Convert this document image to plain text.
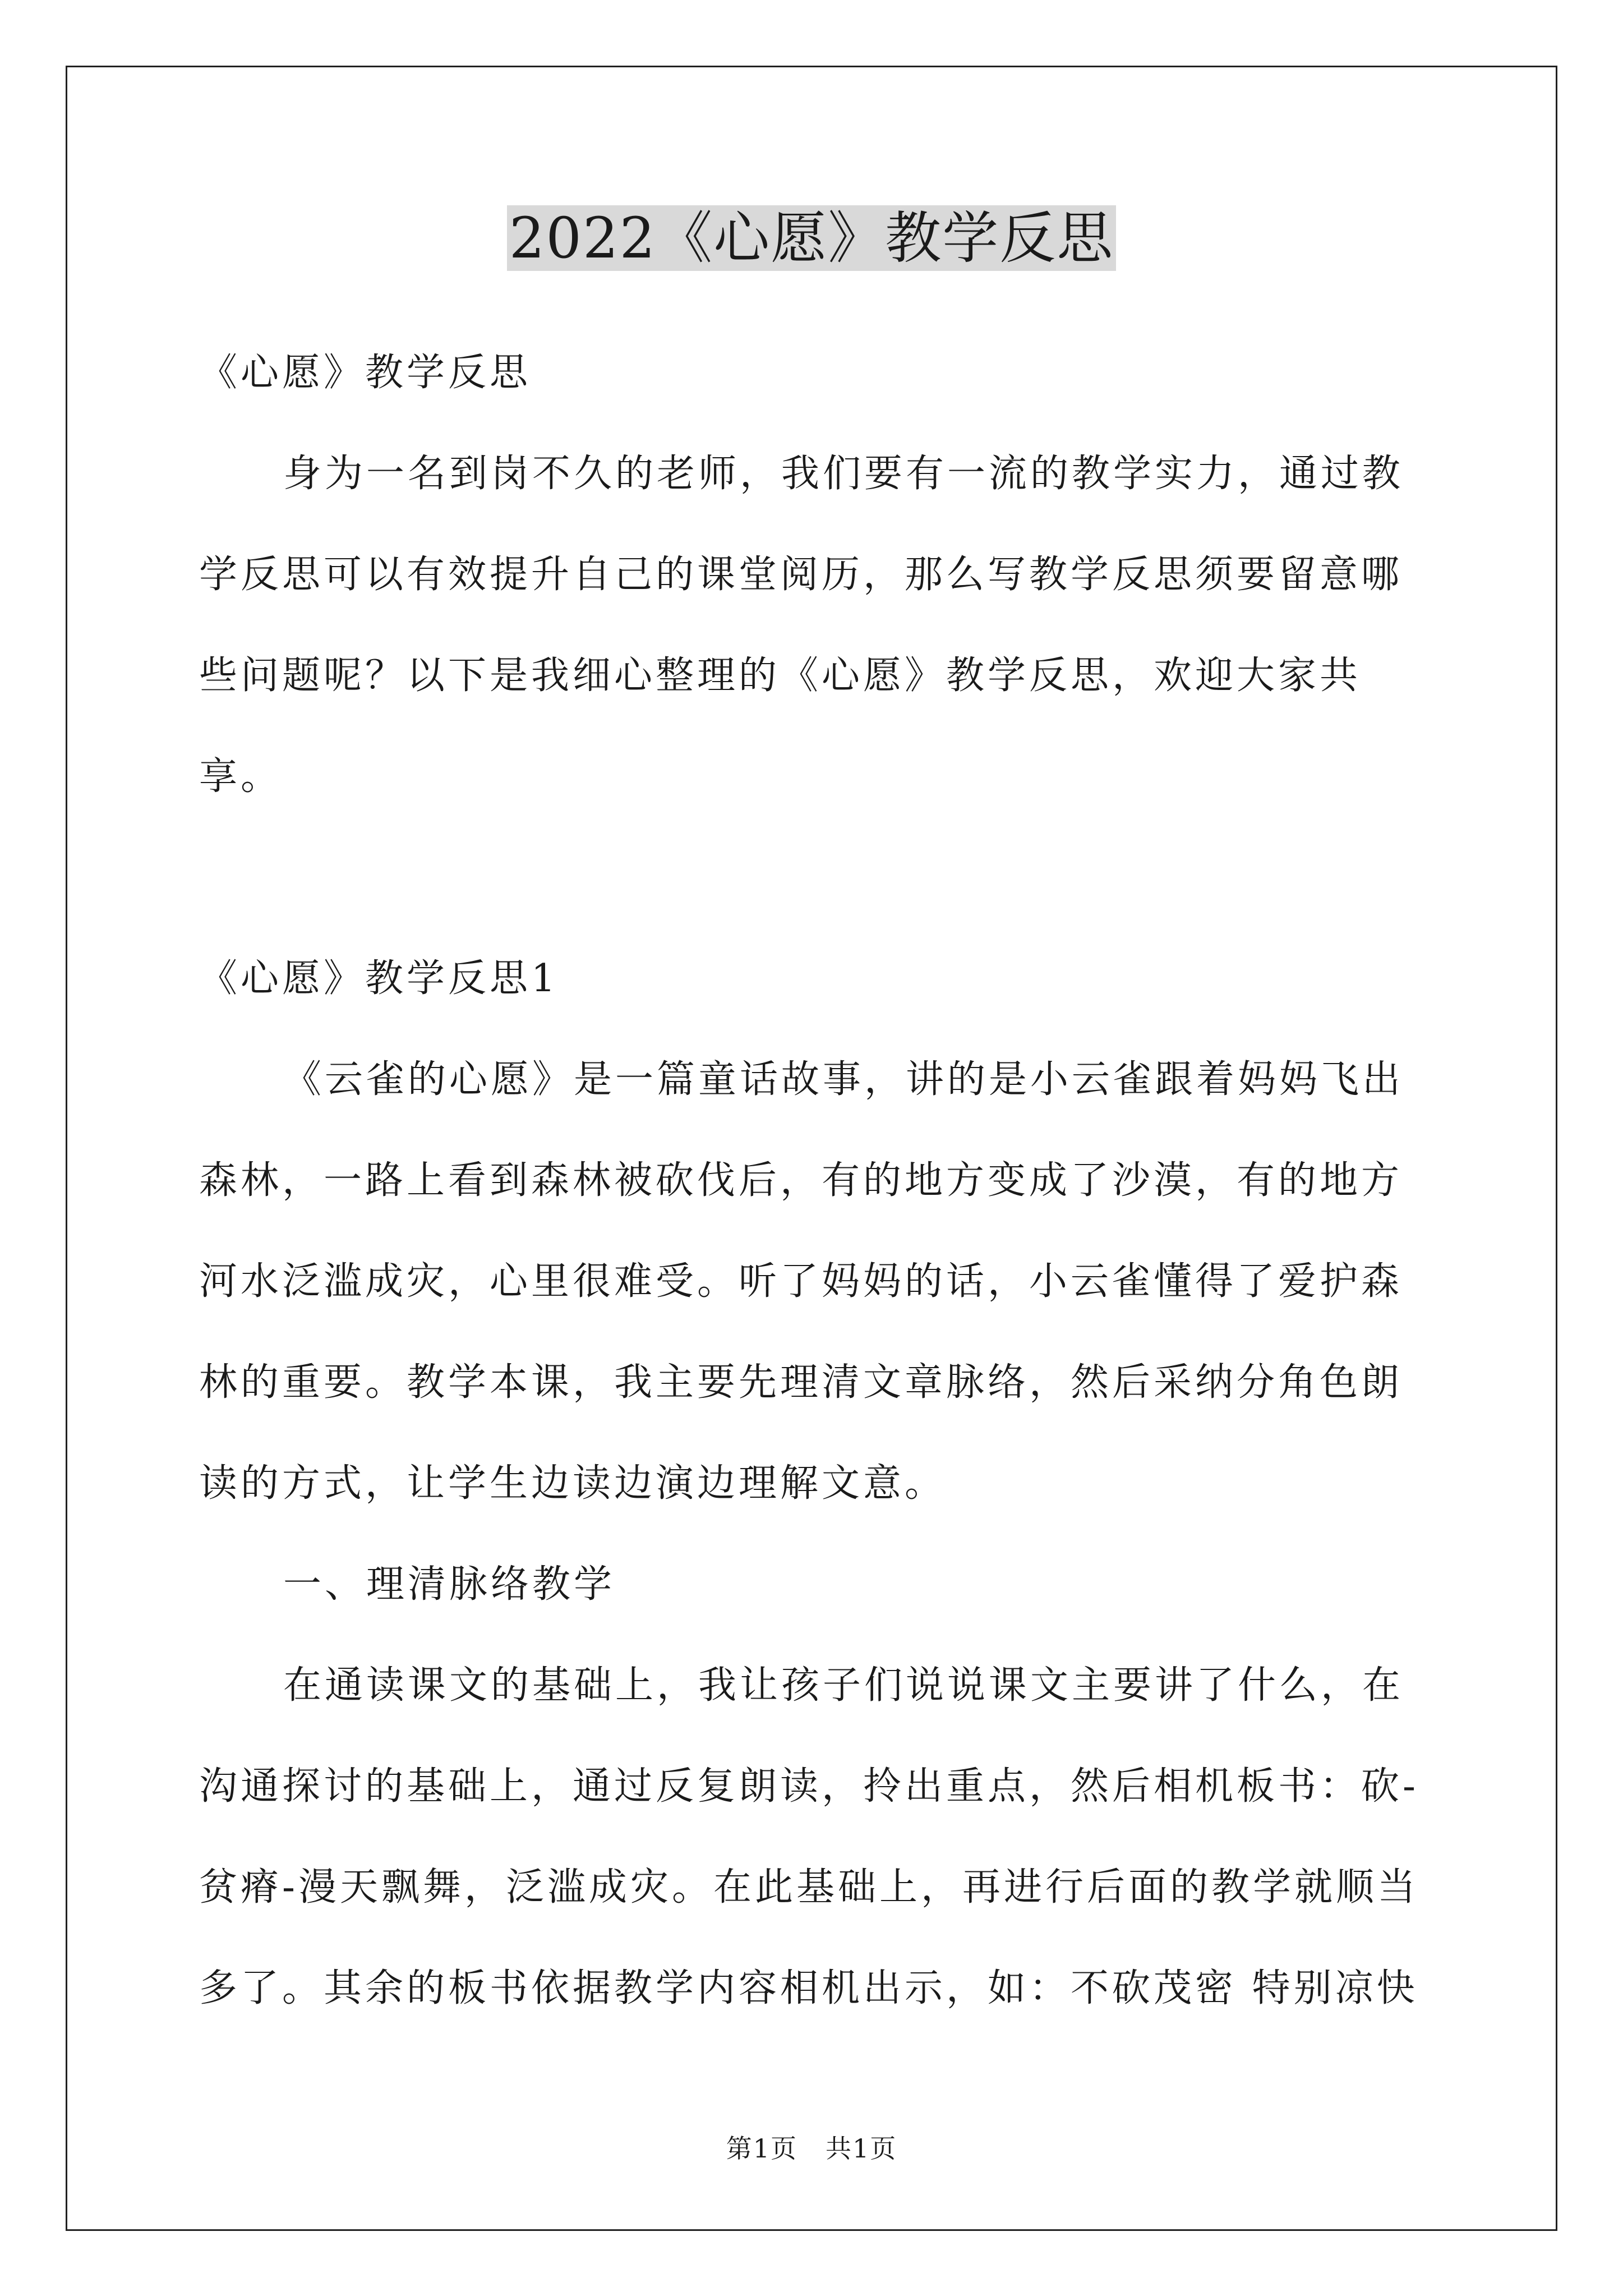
2022《心愿》教学反思

《心愿》教学反思

身为一名到岗不久的老师，我们要有一流的教学实力，通过教学反思可以有效提升自己的课堂阅历，那么写教学反思须要留意哪些问题呢？以下是我细心整理的《心愿》教学反思，欢迎大家共享。

《心愿》教学反思1

《云雀的心愿》是一篇童话故事，讲的是小云雀跟着妈妈飞出森林，一路上看到森林被砍伐后，有的地方变成了沙漠，有的地方河水泛滥成灾，心里很难受。听了妈妈的话，小云雀懂得了爱护森林的重要。教学本课，我主要先理清文章脉络，然后采纳分角色朗读的方式，让学生边读边演边理解文意。

一、理清脉络教学

在通读课文的基础上，我让孩子们说说课文主要讲了什么，在沟通探讨的基础上，通过反复朗读，拎出重点，然后相机板书：砍-贫瘠-漫天飘舞，泛滥成灾。在此基础上，再进行后面的教学就顺当多了。其余的板书依据教学内容相机出示，如：不砍茂密 特别凉快

第1页 共1页
